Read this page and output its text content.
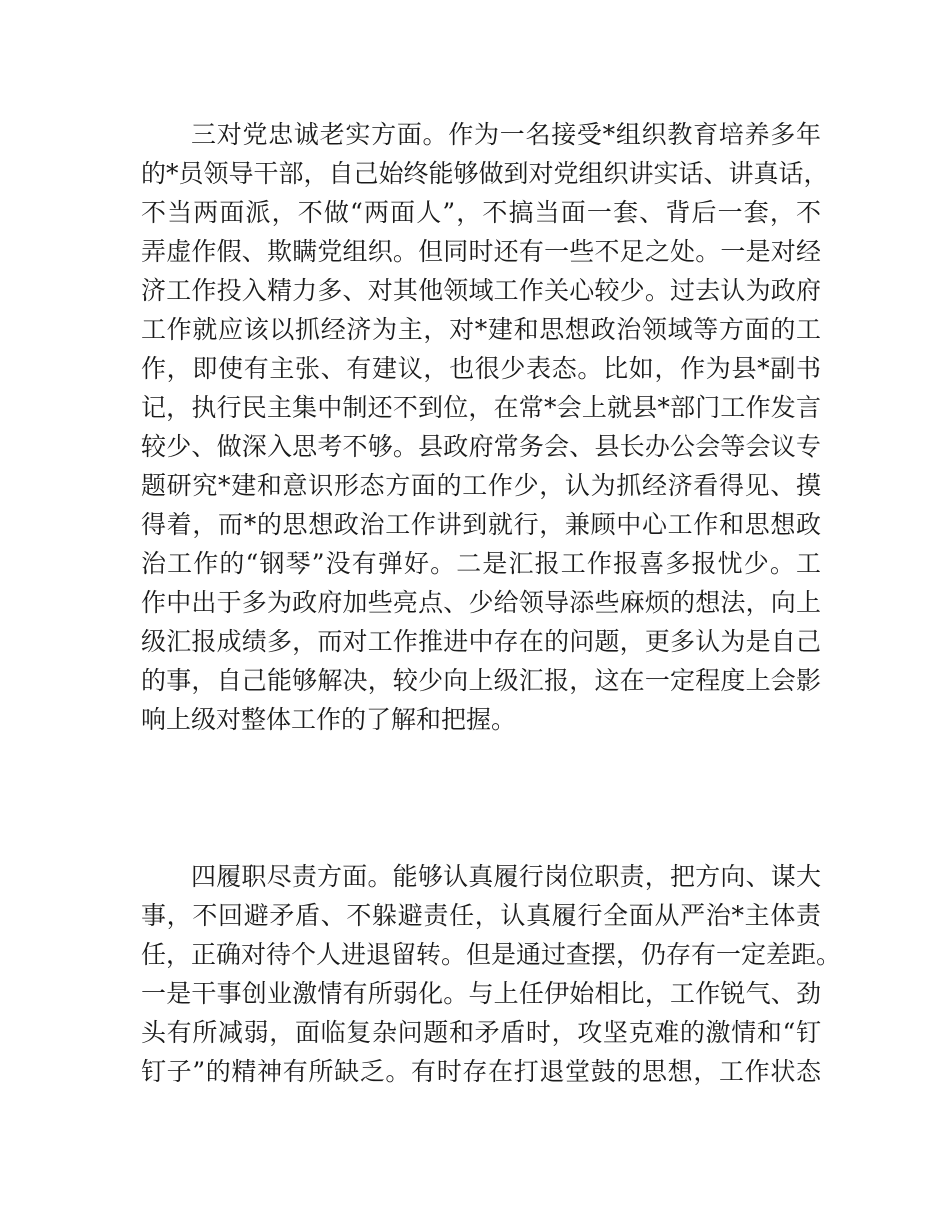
三对党忠诚老实方面。作为一名接受*组织教育培养多年
的*员领导干部，自己始终能够做到对党组织讲实话、讲真话，
不当两面派，不做“两面人”，不搞当面一套、背后一套，不
弄虚作假、欺瞒党组织。但同时还有一些不足之处。一是对经
济工作投入精力多、对其他领域工作关心较少。过去认为政府
工作就应该以抓经济为主，对*建和思想政治领域等方面的工
作，即使有主张、有建议，也很少表态。比如，作为县*副书
记，执行民主集中制还不到位，在常*会上就县*部门工作发言
较少、做深入思考不够。县政府常务会、县长办公会等会议专
题研究*建和意识形态方面的工作少，认为抓经济看得见、摸
得着，而*的思想政治工作讲到就行，兼顾中心工作和思想政
治工作的“钢琴”没有弹好。二是汇报工作报喜多报忧少。工
作中出于多为政府加些亮点、少给领导添些麻烦的想法，向上
级汇报成绩多，而对工作推进中存在的问题，更多认为是自己
的事，自己能够解决，较少向上级汇报，这在一定程度上会影
响上级对整体工作的了解和把握。
四履职尽责方面。能够认真履行岗位职责，把方向、谋大
事，不回避矛盾、不躲避责任，认真履行全面从严治*主体责
任，正确对待个人进退留转。但是通过查摆，仍存有一定差距。
一是干事创业激情有所弱化。与上任伊始相比，工作锐气、劲
头有所减弱，面临复杂问题和矛盾时，攻坚克难的激情和“钉
钉子”的精神有所缺乏。有时存在打退堂鼓的思想，工作状态
